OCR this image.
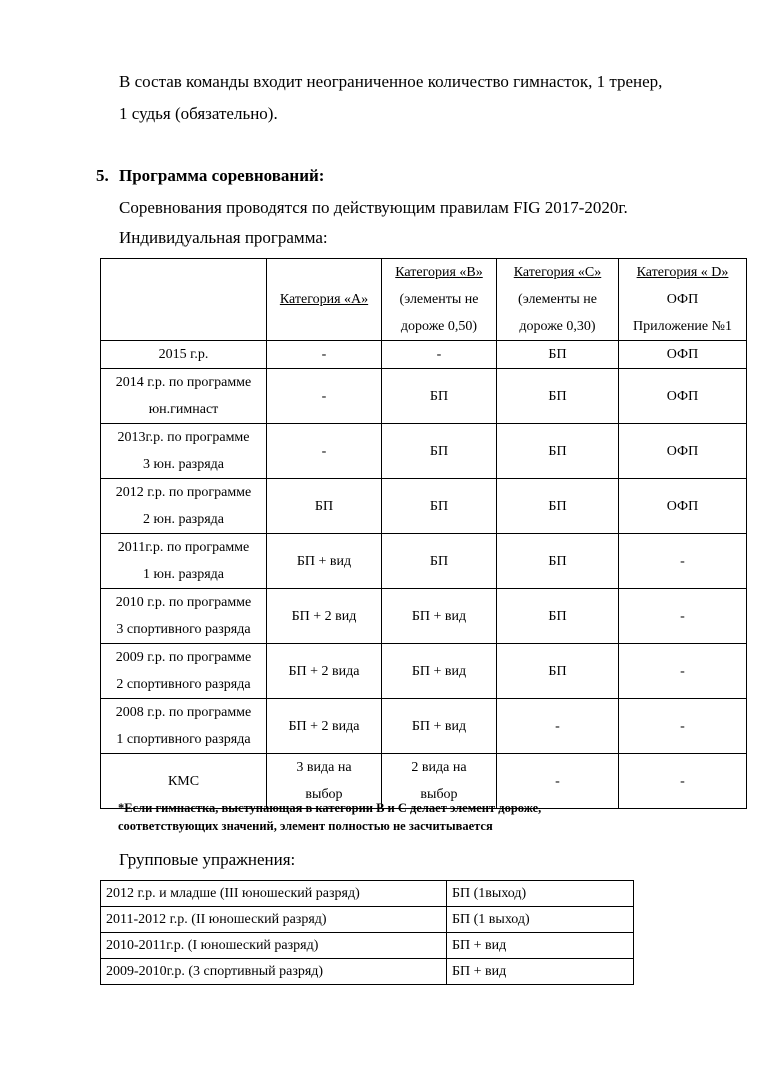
В состав команды входит неограниченное количество гимнасток, 1 тренер,
1 судья (обязательно).
5. Программа соревнований:
Соревнования проводятся по действующим правилам FIG 2017-2020г.
Индивидуальная программа:
	Категория «А»	Категория «В»
(элементы не
дороже 0,50)	Категория «С»
(элементы не
дороже 0,30)	Категория « D»
ОФП
Приложение №1
2015 г.р.	-	-	БП	ОФП
2014 г.р. по программе
юн.гимнаст	-	БП	БП	ОФП
2013г.р. по программе
3 юн. разряда	-	БП	БП	ОФП
2012 г.р. по программе
2 юн. разряда	БП	БП	БП	ОФП
2011г.р. по программе
1 юн. разряда	БП + вид	БП	БП	-
2010 г.р. по программе
3 спортивного разряда	БП + 2 вид	БП + вид	БП	-
2009 г.р. по программе
2 спортивного разряда	БП + 2 вида	БП + вид	БП	-
2008 г.р. по программе
1 спортивного разряда	БП + 2 вида	БП + вид	-	-
КМС	3 вида на
выбор	2 вида на
выбор	-	-
*Если гимнастка, выступающая в категории В и С делает элемент дороже,
соответствующих значений, элемент полностью не засчитывается
Групповые упражнения:
2012 г.р. и младше (III юношеский разряд)	БП (1выход)
2011-2012 г.р. (II юношеский разряд)	БП (1 выход)
2010-2011г.р. (I юношеский разряд)	БП + вид
2009-2010г.р. (3 спортивный разряд)	БП + вид
